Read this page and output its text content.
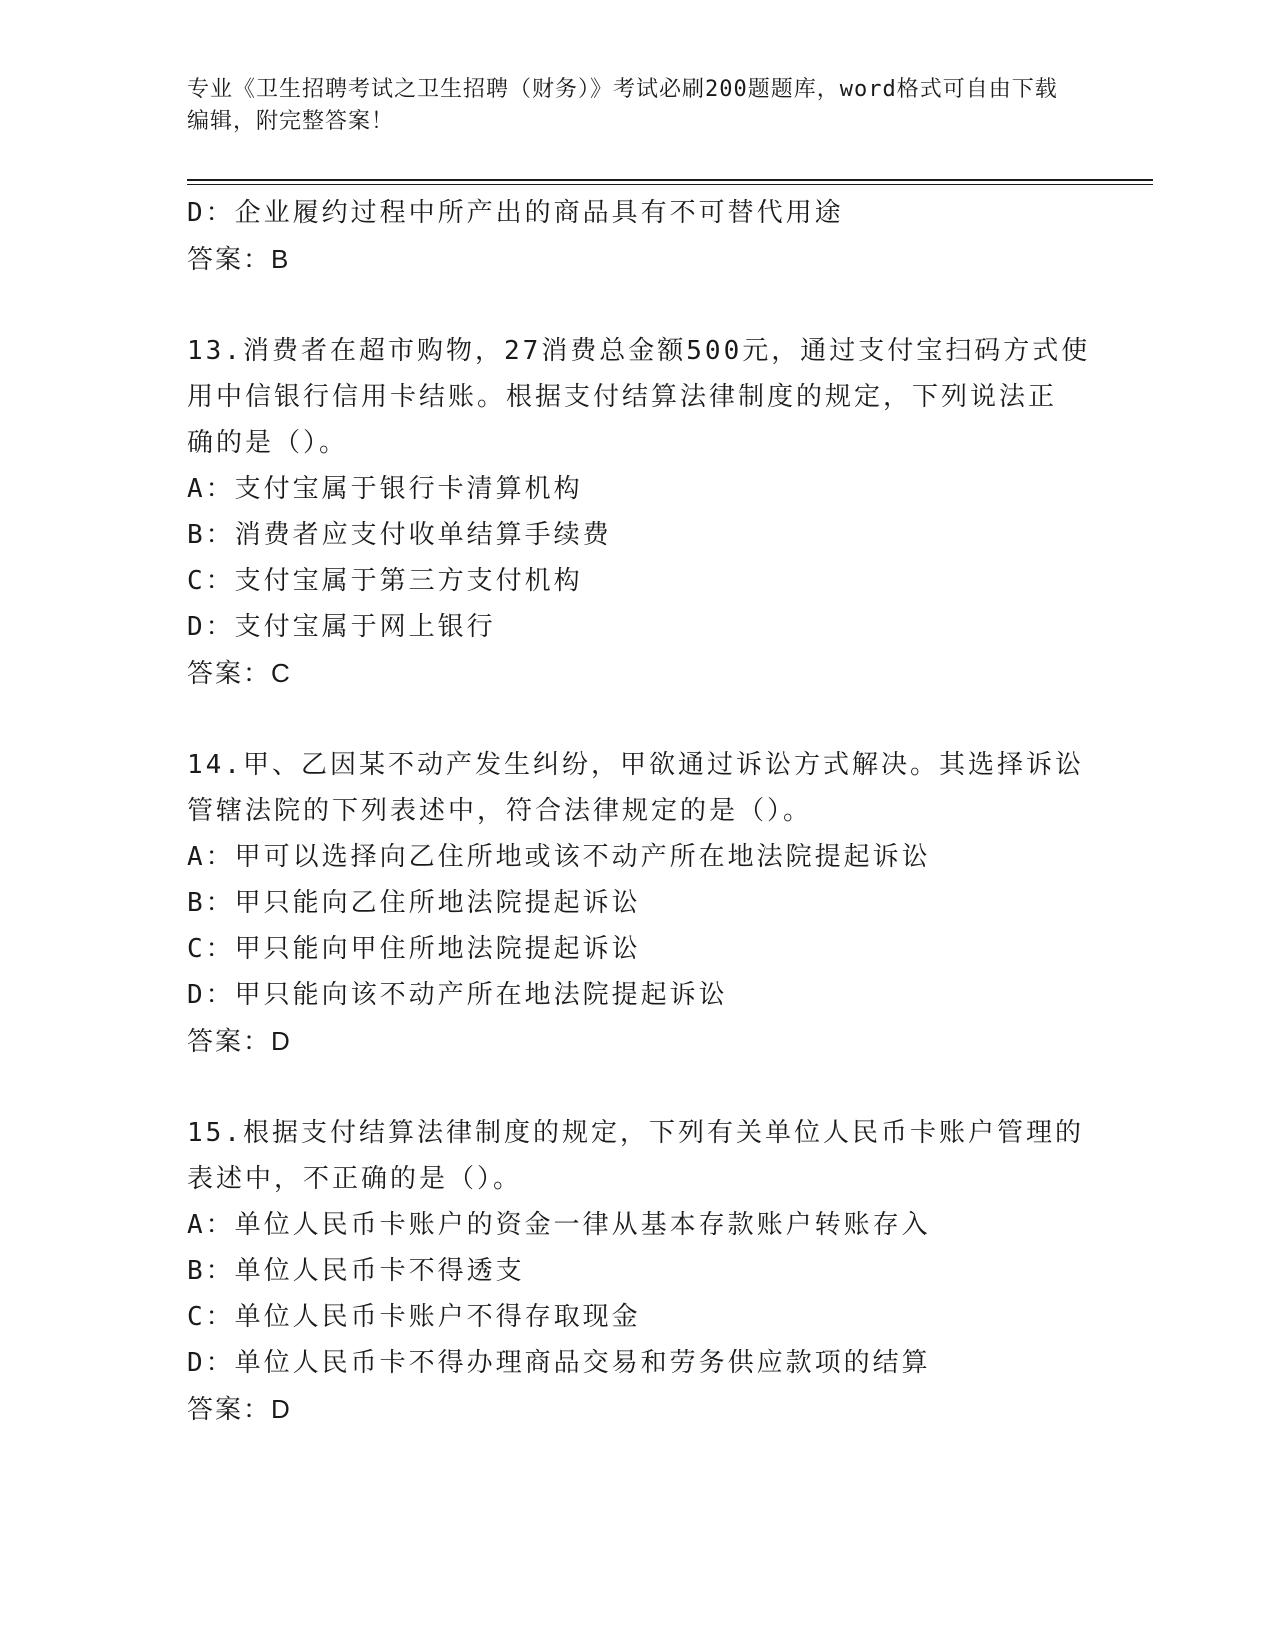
专业《卫生招聘考试之卫生招聘（财务）》考试必刷200题题库，word格式可自由下载编辑，附完整答案！
D：企业履约过程中所产出的商品具有不可替代用途
答案：B
13.消费者在超市购物，27消费总金额500元，通过支付宝扫码方式使
用中信银行信用卡结账。根据支付结算法律制度的规定，下列说法正
确的是（）。
A：支付宝属于银行卡清算机构
B：消费者应支付收单结算手续费
C：支付宝属于第三方支付机构
D：支付宝属于网上银行
答案：C
14.甲、乙因某不动产发生纠纷，甲欲通过诉讼方式解决。其选择诉讼
管辖法院的下列表述中，符合法律规定的是（）。
A：甲可以选择向乙住所地或该不动产所在地法院提起诉讼
B：甲只能向乙住所地法院提起诉讼
C：甲只能向甲住所地法院提起诉讼
D：甲只能向该不动产所在地法院提起诉讼
答案：D
15.根据支付结算法律制度的规定，下列有关单位人民币卡账户管理的
表述中，不正确的是（）。
A：单位人民币卡账户的资金一律从基本存款账户转账存入
B：单位人民币卡不得透支
C：单位人民币卡账户不得存取现金
D：单位人民币卡不得办理商品交易和劳务供应款项的结算
答案：D
